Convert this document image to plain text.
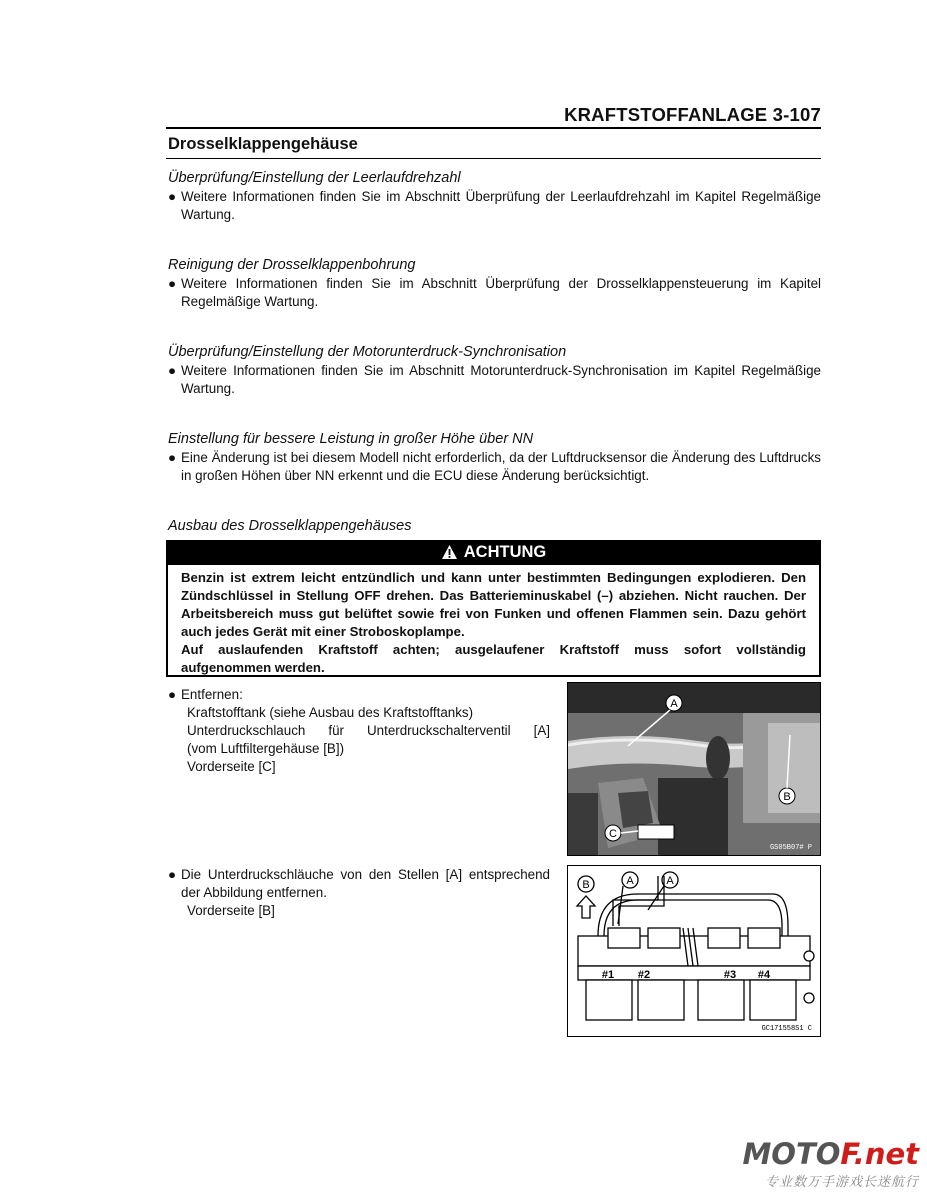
KRAFTSTOFFANLAGE 3-107
Drosselklappengehäuse
Überprüfung/Einstellung der Leerlaufdrehzahl
● Weitere Informationen finden Sie im Abschnitt Überprüfung der Leerlaufdrehzahl im Kapitel Regelmäßige Wartung.
Reinigung der Drosselklappenbohrung
● Weitere Informationen finden Sie im Abschnitt Überprüfung der Drosselklappensteuerung im Kapitel Regelmäßige Wartung.
Überprüfung/Einstellung der Motorunterdruck-Synchronisation
● Weitere Informationen finden Sie im Abschnitt Motorunterdruck-Synchronisation im Kapitel Regelmäßige Wartung.
Einstellung für bessere Leistung in großer Höhe über NN
● Eine Änderung ist bei diesem Modell nicht erforderlich, da der Luftdrucksensor die Änderung des Luftdrucks in großen Höhen über NN erkennt und die ECU diese Änderung berücksichtigt.
Ausbau des Drosselklappengehäuses
ACHTUNG

Benzin ist extrem leicht entzündlich und kann unter bestimmten Bedingungen explodieren. Den Zündschlüssel in Stellung OFF drehen. Das Batterieminuskabel (–) abziehen. Nicht rauchen. Der Arbeitsbereich muss gut belüftet sowie frei von Funken und offenen Flammen sein. Dazu gehört auch jedes Gerät mit einer Stroboskoplampe.

Auf auslaufenden Kraftstoff achten; ausgelaufener Kraftstoff muss sofort vollständig aufgenommen werden.

● Entfernen:
Kraftstofftank (siehe Ausbau des Kraftstofftanks)
Unterdruckschlauch für Unterdruckschalterventil [A]
(vom Luftfiltergehäuse [B])
Vorderseite [C]
● Die Unterdruckschläuche von den Stellen [A] entsprechend der Abbildung entfernen.
Vorderseite [B]
A
B
C
GS05B07# P
B	A	A
#1 #2	#3 #4
GC171558S1 C
MOTOF.net
专业数万手游戏长迷航行
